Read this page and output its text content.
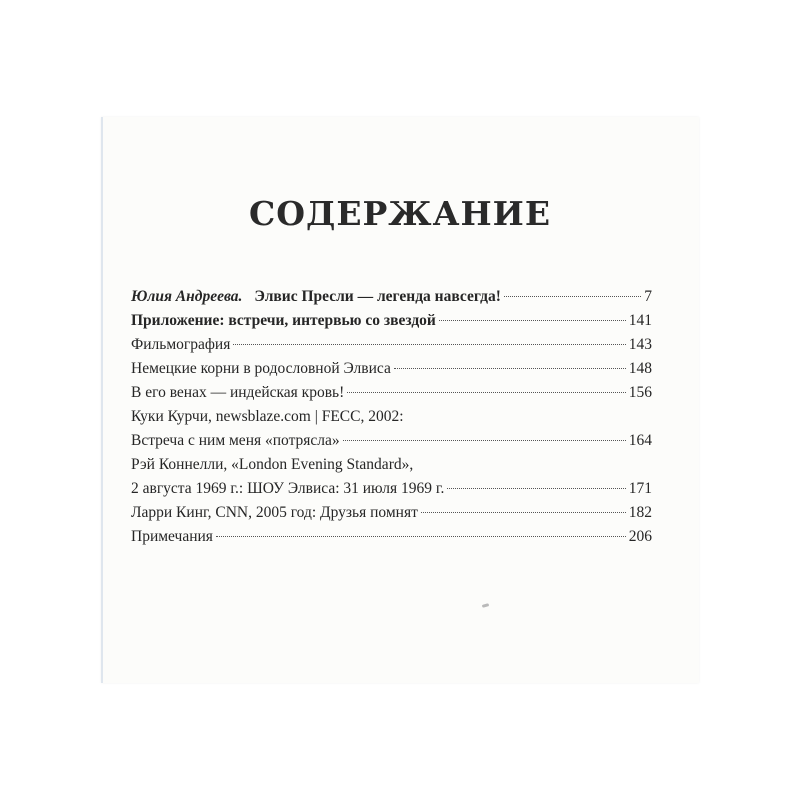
СОДЕРЖАНИЕ
Юлия Андреева. Элвис Пресли — легенда навсегда!	7
Приложение: встречи, интервью со звездой	141
Фильмография	143
Немецкие корни в родословной Элвиса	148
В его венах — индейская кровь!	156
Куки Курчи, newsblaze.com | FECC, 2002:
Встреча с ним меня «потрясла»	164
Рэй Коннелли, «London Evening Standard»,
2 августа 1969 г.: ШОУ Элвиса: 31 июля 1969 г.	171
Ларри Кинг, CNN, 2005 год: Друзья помнят	182
Примечания	206
